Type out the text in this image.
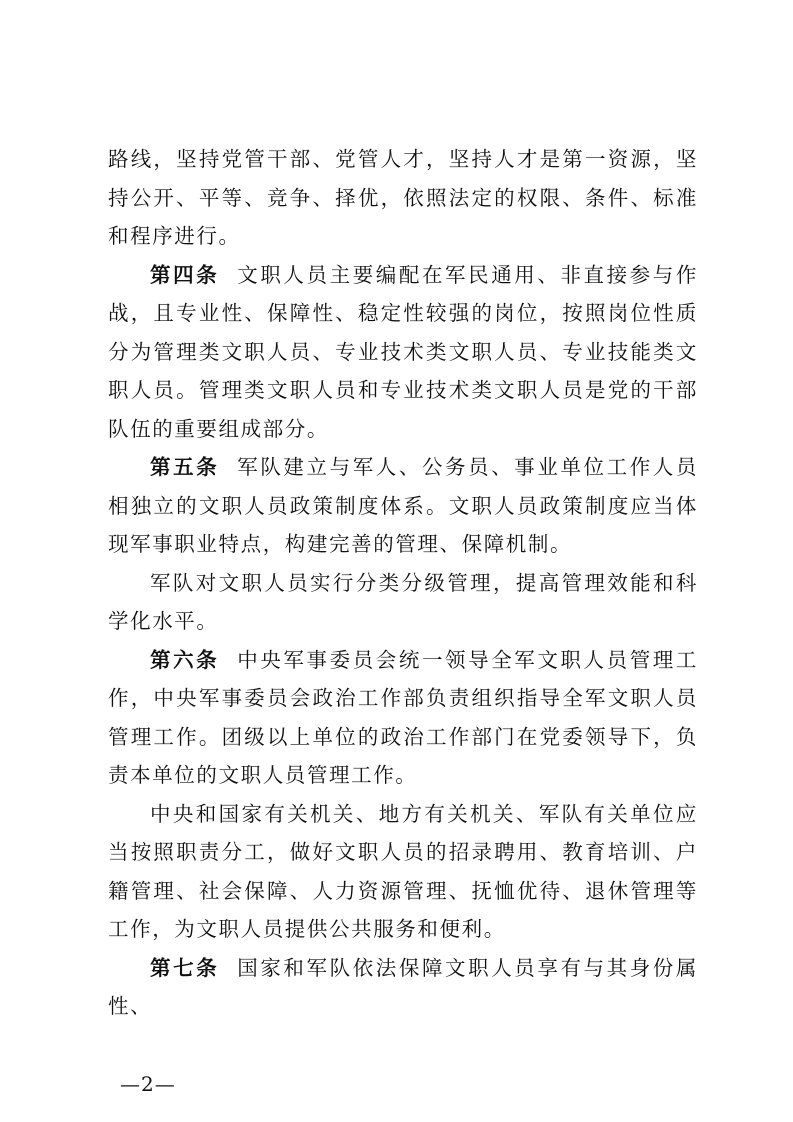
路线，坚持党管干部、党管人才，坚持人才是第一资源，坚持公开、平等、竞争、择优，依照法定的权限、条件、标准和程序进行。

第四条 文职人员主要编配在军民通用、非直接参与作战，且专业性、保障性、稳定性较强的岗位，按照岗位性质分为管理类文职人员、专业技术类文职人员、专业技能类文职人员。管理类文职人员和专业技术类文职人员是党的干部队伍的重要组成部分。

第五条 军队建立与军人、公务员、事业单位工作人员相独立的文职人员政策制度体系。文职人员政策制度应当体现军事职业特点，构建完善的管理、保障机制。

军队对文职人员实行分类分级管理，提高管理效能和科学化水平。

第六条 中央军事委员会统一领导全军文职人员管理工作，中央军事委员会政治工作部负责组织指导全军文职人员管理工作。团级以上单位的政治工作部门在党委领导下，负责本单位的文职人员管理工作。

中央和国家有关机关、地方有关机关、军队有关单位应当按照职责分工，做好文职人员的招录聘用、教育培训、户籍管理、社会保障、人力资源管理、抚恤优待、退休管理等工作，为文职人员提供公共服务和便利。

第七条 国家和军队依法保障文职人员享有与其身份属性、

—2—
